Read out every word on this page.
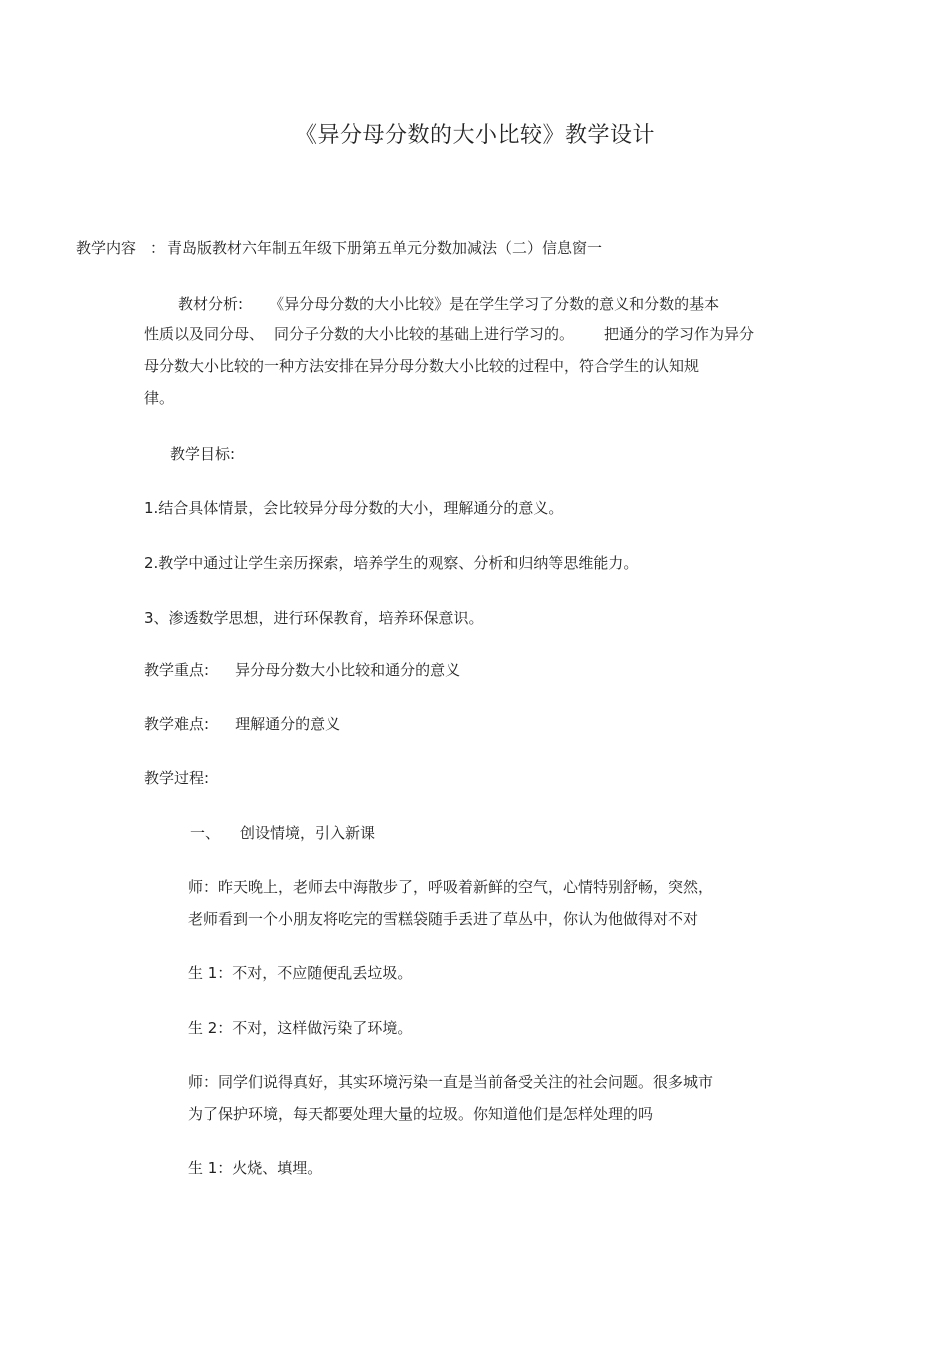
《异分母分数的大小比较》教学设计
教学内容 ： 青岛版教材六年制五年级下册第五单元分数加减法（二）信息窗一
教材分析: 《异分母分数的大小比较》是在学生学习了分数的意义和分数的基本
性质以及同分母、 同分子分数的大小比较的基础上进行学习的。 把通分的学习作为异分
母分数大小比较的一种方法安排在异分母分数大小比较的过程中，符合学生的认知规
律。
教学目标:
1.结合具体情景，会比较异分母分数的大小，理解通分的意义。
2.教学中通过让学生亲历探索，培养学生的观察、分析和归纳等思维能力。
3、渗透数学思想，进行环保教育，培养环保意识。
教学重点: 异分母分数大小比较和通分的意义
教学难点: 理解通分的意义
教学过程:
一、 创设情境，引入新课
师：昨天晚上，老师去中海散步了，呼吸着新鲜的空气，心情特别舒畅，突然，
老师看到一个小朋友将吃完的雪糕袋随手丢进了草丛中，你认为他做得对不对
生 1：不对，不应随便乱丢垃圾。
生 2：不对，这样做污染了环境。
师：同学们说得真好，其实环境污染一直是当前备受关注的社会问题。很多城市
为了保护环境，每天都要处理大量的垃圾。你知道他们是怎样处理的吗
生 1：火烧、填埋。
